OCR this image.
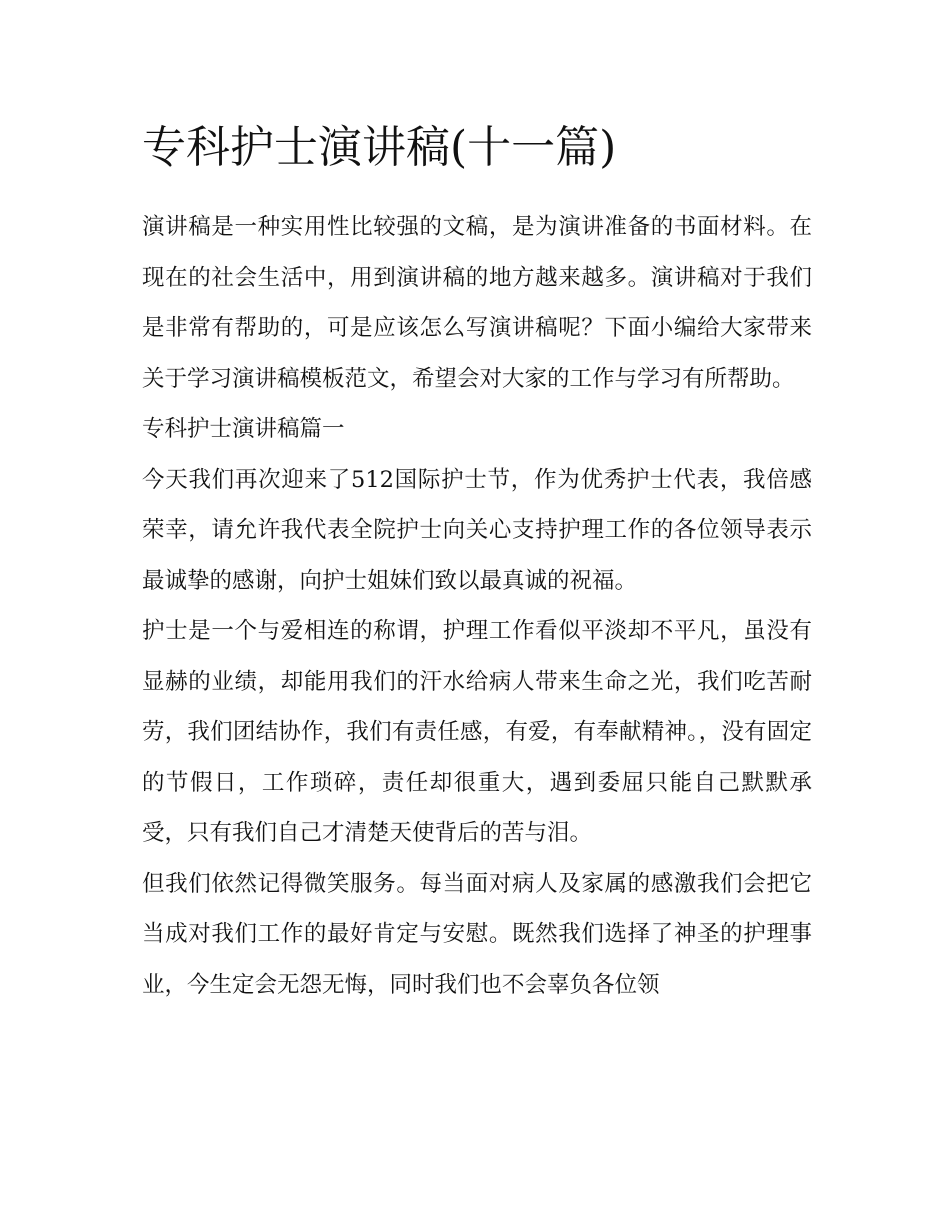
专科护士演讲稿(十一篇)

演讲稿是一种实用性比较强的文稿，是为演讲准备的书面材料。在现在的社会生活中，用到演讲稿的地方越来越多。演讲稿对于我们是非常有帮助的，可是应该怎么写演讲稿呢？下面小编给大家带来关于学习演讲稿模板范文，希望会对大家的工作与学习有所帮助。

专科护士演讲稿篇一

今天我们再次迎来了512国际护士节，作为优秀护士代表，我倍感荣幸，请允许我代表全院护士向关心支持护理工作的各位领导表示最诚挚的感谢，向护士姐妹们致以最真诚的祝福。

护士是一个与爱相连的称谓，护理工作看似平淡却不平凡，虽没有显赫的业绩，却能用我们的汗水给病人带来生命之光，我们吃苦耐劳，我们团结协作，我们有责任感，有爱，有奉献精神。，没有固定的节假日，工作琐碎，责任却很重大，遇到委屈只能自己默默承受，只有我们自己才清楚天使背后的苦与泪。

但我们依然记得微笑服务。每当面对病人及家属的感激我们会把它当成对我们工作的最好肯定与安慰。既然我们选择了神圣的护理事业，今生定会无怨无悔，同时我们也不会辜负各位领
